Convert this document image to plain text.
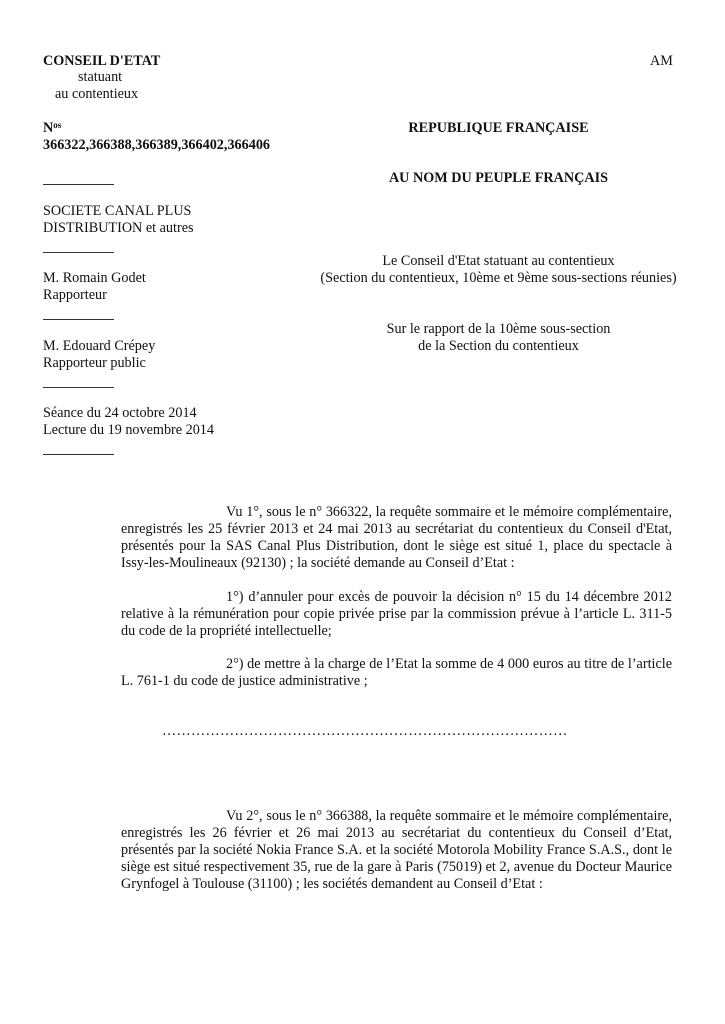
CONSEIL D'ETAT
statuant
au contentieux
AM
$N^{os}$
366322,366388,366389,366402,366406
REPUBLIQUE FRANÇAISE
AU NOM DU PEUPLE FRANÇAIS
Le Conseil d'Etat statuant au contentieux
(Section du contentieux, 10ème et 9ème sous-sections réunies)
Sur le rapport de la 10ème sous-section
de la Section du contentieux
SOCIETE CANAL PLUS
DISTRIBUTION et autres
M. Romain Godet
Rapporteur
M. Edouard Crépey
Rapporteur public
Séance du 24 octobre 2014
Lecture du 19 novembre 2014
Vu 1°, sous le n° 366322, la requête sommaire et le mémoire complémentaire, enregistrés les 25 février 2013 et 24 mai 2013 au secrétariat du contentieux du Conseil d'Etat, présentés pour la SAS Canal Plus Distribution, dont le siège est situé 1, place du spectacle à Issy-les-Moulineaux (92130) ; la société demande au Conseil d’Etat :
1°) d’annuler pour excès de pouvoir la décision n° 15 du 14 décembre 2012 relative à la rémunération pour copie privée prise par la commission prévue à l’article L. 311-5 du code de la propriété intellectuelle;
2°) de mettre à la charge de l’Etat la somme de 4 000 euros au titre de l’article L. 761-1 du code de justice administrative ;
…………………………………………………………………………
Vu 2°, sous le n° 366388, la requête sommaire et le mémoire complémentaire, enregistrés les 26 février et 26 mai 2013 au secrétariat du contentieux du Conseil d’Etat, présentés par la société Nokia France S.A. et la société Motorola Mobility France S.A.S., dont le siège est situé respectivement 35, rue de la gare à Paris (75019) et 2, avenue du Docteur Maurice Grynfogel à Toulouse (31100) ; les sociétés demandent au Conseil d’Etat :
